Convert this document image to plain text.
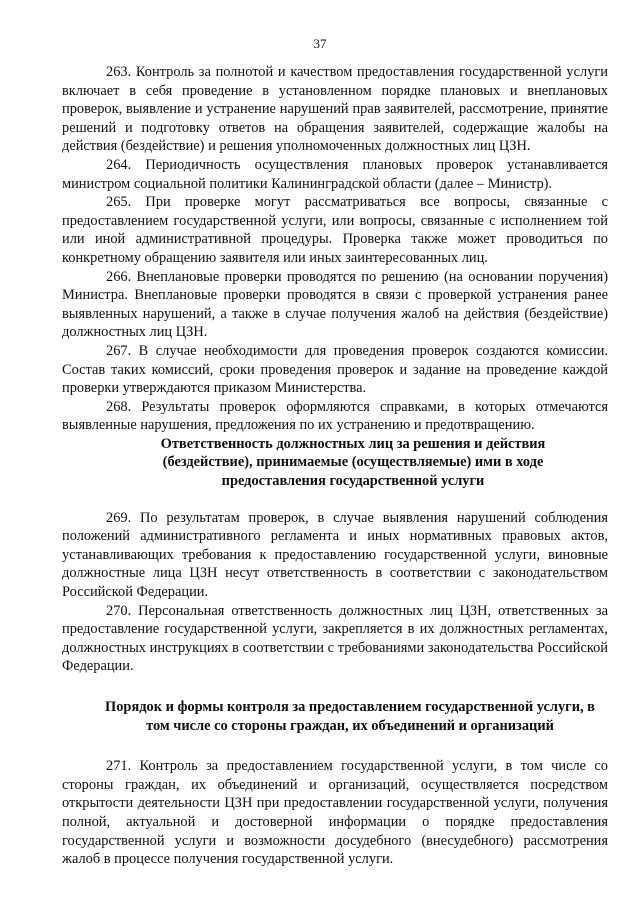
37

263. Контроль за полнотой и качеством предоставления государственной услуги включает в себя проведение в установленном порядке плановых и внеплановых проверок, выявление и устранение нарушений прав заявителей, рассмотрение, принятие решений и подготовку ответов на обращения заявителей, содержащие жалобы на действия (бездействие) и решения уполномоченных должностных лиц ЦЗН.

264. Периодичность осуществления плановых проверок устанавливается министром социальной политики Калининградской области (далее – Министр).

265. При проверке могут рассматриваться все вопросы, связанные с предоставлением государственной услуги, или вопросы, связанные с исполнением той или иной административной процедуры. Проверка также может проводиться по конкретному обращению заявителя или иных заинтересованных лиц.

266. Внеплановые проверки проводятся по решению (на основании поручения) Министра. Внеплановые проверки проводятся в связи с проверкой устранения ранее выявленных нарушений, а также в случае получения жалоб на действия (бездействие) должностных лиц ЦЗН.

267. В случае необходимости для проведения проверок создаются комиссии. Состав таких комиссий, сроки проведения проверок и задание на проведение каждой проверки утверждаются приказом Министерства.

268. Результаты проверок оформляются справками, в которых отмечаются выявленные нарушения, предложения по их устранению и предотвращению.

Ответственность должностных лиц за решения и действия (бездействие), принимаемые (осуществляемые) ими в ходе предоставления государственной услуги

269. По результатам проверок, в случае выявления нарушений соблюдения положений административного регламента и иных нормативных правовых актов, устанавливающих требования к предоставлению государственной услуги, виновные должностные лица ЦЗН несут ответственность в соответствии с законодательством Российской Федерации.

270. Персональная ответственность должностных лиц ЦЗН, ответственных за предоставление государственной услуги, закрепляется в их должностных регламентах, должностных инструкциях в соответствии с требованиями законодательства Российской Федерации.

Порядок и формы контроля за предоставлением государственной услуги, в том числе со стороны граждан, их объединений и организаций

271. Контроль за предоставлением государственной услуги, в том числе со стороны граждан, их объединений и организаций, осуществляется посредством открытости деятельности ЦЗН при предоставлении государственной услуги, получения полной, актуальной и достоверной информации о порядке предоставления государственной услуги и возможности досудебного (внесудебного) рассмотрения жалоб в процессе получения государственной услуги.
